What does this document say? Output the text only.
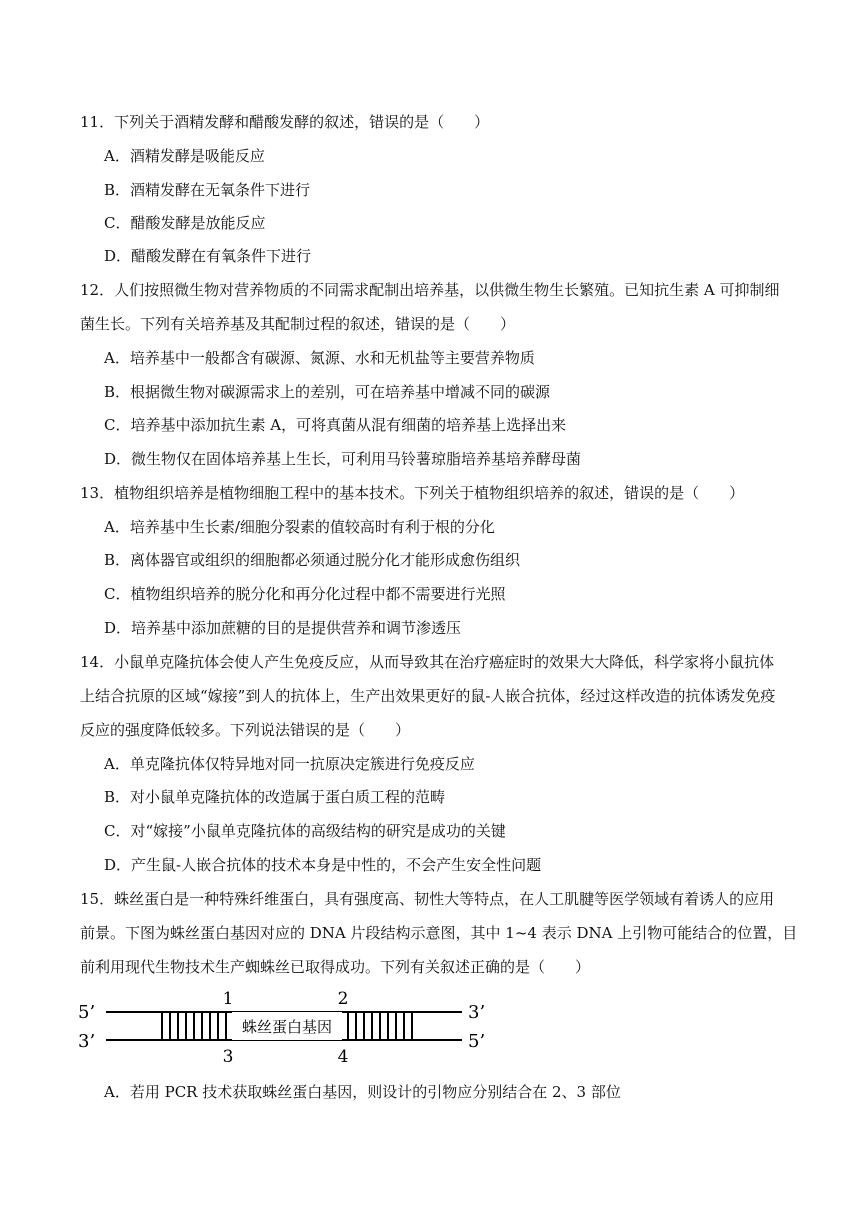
11．下列关于酒精发酵和醋酸发酵的叙述，错误的是（　　）
A．酒精发酵是吸能反应
B．酒精发酵在无氧条件下进行
C．醋酸发酵是放能反应
D．醋酸发酵在有氧条件下进行
12．人们按照微生物对营养物质的不同需求配制出培养基，以供微生物生长繁殖。已知抗生素 A 可抑制细
菌生长。下列有关培养基及其配制过程的叙述，错误的是（　　）
A．培养基中一般都含有碳源、氮源、水和无机盐等主要营养物质
B．根据微生物对碳源需求上的差别，可在培养基中增减不同的碳源
C．培养基中添加抗生素 A，可将真菌从混有细菌的培养基上选择出来
D．微生物仅在固体培养基上生长，可利用马铃薯琼脂培养基培养酵母菌
13．植物组织培养是植物细胞工程中的基本技术。下列关于植物组织培养的叙述，错误的是（　　）
A．培养基中生长素/细胞分裂素的值较高时有利于根的分化
B．离体器官或组织的细胞都必须通过脱分化才能形成愈伤组织
C．植物组织培养的脱分化和再分化过程中都不需要进行光照
D．培养基中添加蔗糖的目的是提供营养和调节渗透压
14．小鼠单克隆抗体会使人产生免疫反应，从而导致其在治疗癌症时的效果大大降低，科学家将小鼠抗体
上结合抗原的区域“嫁接”到人的抗体上，生产出效果更好的鼠-人嵌合抗体，经过这样改造的抗体诱发免疫
反应的强度降低较多。下列说法错误的是（　　）
A．单克隆抗体仅特异地对同一抗原决定簇进行免疫反应
B．对小鼠单克隆抗体的改造属于蛋白质工程的范畴
C．对“嫁接”小鼠单克隆抗体的高级结构的研究是成功的关键
D．产生鼠-人嵌合抗体的技术本身是中性的，不会产生安全性问题
15．蛛丝蛋白是一种特殊纤维蛋白，具有强度高、韧性大等特点，在人工肌腱等医学领域有着诱人的应用
前景。下图为蛛丝蛋白基因对应的 DNA 片段结构示意图，其中 1~4 表示 DNA 上引物可能结合的位置，目
前利用现代生物技术生产蜘蛛丝已取得成功。下列有关叙述正确的是（　　）
蛛丝蛋白基因
5’
3’
3’
5’
1	2
3	4
A．若用 PCR 技术获取蛛丝蛋白基因，则设计的引物应分别结合在 2、3 部位
